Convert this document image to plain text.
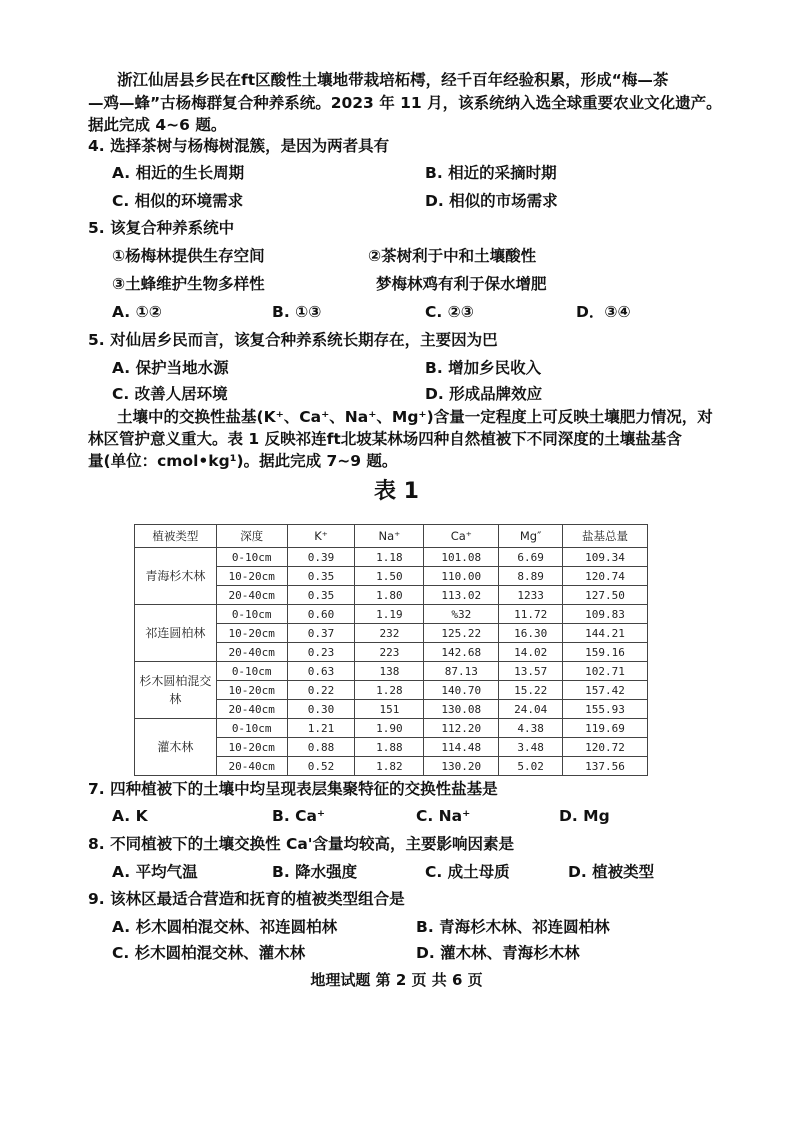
浙江仙居县乡民在ft区酸性土壤地带栽培柘樗，经千百年经验积累，形成“梅—茶
—鸡—蜂”古杨梅群复合种养系统。2023 年 11 月，该系统纳入选全球重要农业文化遗产。
据此完成 4~6 题。
4. 选择茶树与杨梅树混簇，是因为两者具有
A. 相近的生长周期	B. 相近的采摘时期
C. 相似的环境需求	D. 相似的市场需求
5. 该复合种养系统中
①杨梅林提供生存空间	②茶树利于中和土壤酸性
③土蜂维护生物多样性	梦梅林鸡有利于保水增肥
A. ①②	B. ①③	C. ②③	D．③④
5. 对仙居乡民而言，该复合种养系统长期存在，主要因为巴
A. 保护当地水源	B. 增加乡民收入
C. 改善人居环境	D. 形成品牌效应
土壤中的交换性盐基(K⁺、Ca⁺、Na⁺、Mg⁺)含量一定程度上可反映土壤肥力情况，对
林区管护意义重大。表 1 反映祁连ft北坡某林场四种自然植被下不同深度的土壤盐基含
量(单位：cmol•kg¹)。据此完成 7~9 题。
表 1
植被类型	深度	K⁺	Na⁺	Ca⁺	Mg″	盐基总量
青海杉木林	0-10cm	0.39	1.18	101.08	6.69	109.34
	10-20cm	0.35	1.50	110.00	8.89	120.74
	20-40cm	0.35	1.80	113.02	1233	127.50
祁连圆柏林	0-10cm	0.60	1.19	%32	11.72	109.83
	10-20cm	0.37	232	125.22	16.30	144.21
	20-40cm	0.23	223	142.68	14.02	159.16
杉木圆柏混交
林	0-10cm	0.63	138	87.13	13.57	102.71
	10-20cm	0.22	1.28	140.70	15.22	157.42
	20-40cm	0.30	151	130.08	24.04	155.93
灌木林	0-10cm	1.21	1.90	112.20	4.38	119.69
	10-20cm	0.88	1.88	114.48	3.48	120.72
	20-40cm	0.52	1.82	130.20	5.02	137.56
7. 四种植被下的土壤中均呈现表层集聚特征的交换性盐基是
A. K	B. Ca⁺	C. Na⁺	D. Mg
8. 不同植被下的土壤交换性 Ca'含量均较高，主要影响因素是
A. 平均气温	B. 降水强度	C. 成土母质	D. 植被类型
9. 该林区最适合营造和抚育的植被类型组合是
A. 杉木圆柏混交林、祁连圆柏林	B. 青海杉木林、祁连圆柏林
C. 杉木圆柏混交林、灌木林	D. 灌木林、青海杉木林
地理试题 第 2 页 共 6 页
